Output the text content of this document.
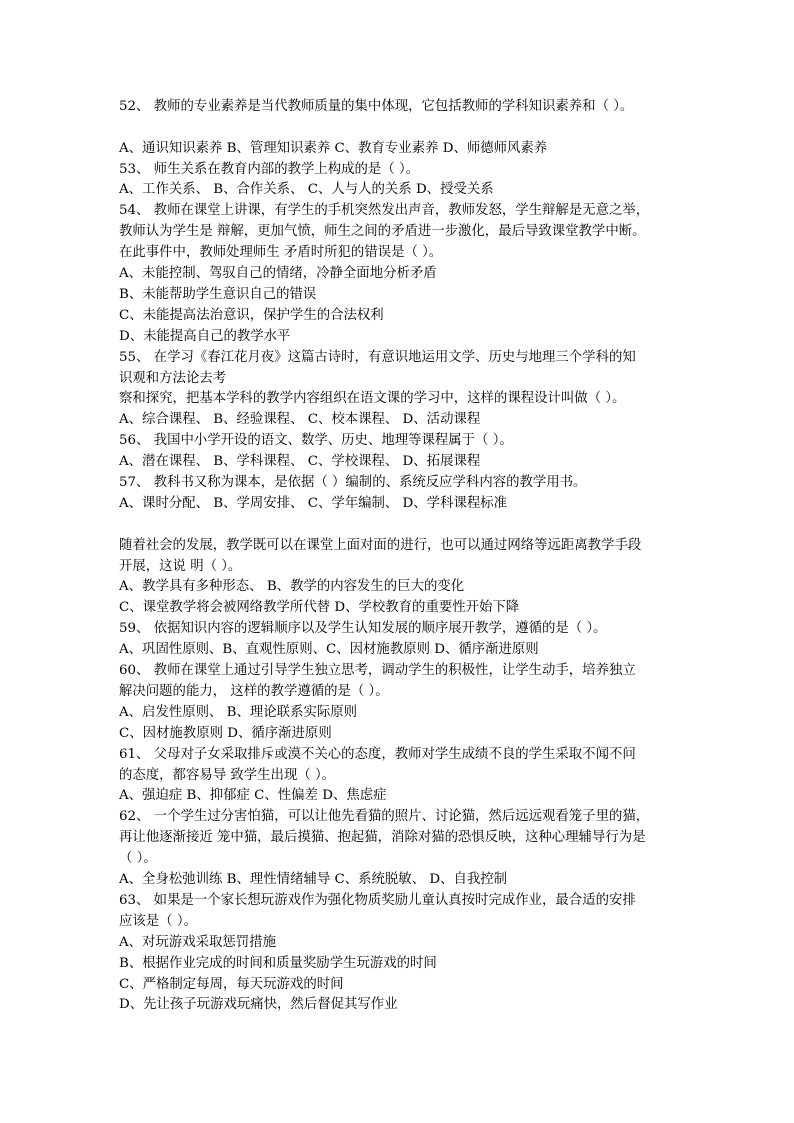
52、 教师的专业素养是当代教师质量的集中体现，它包括教师的学科知识素养和（ ）。
A、通识知识素养 B、管理知识素养 C、教育专业素养 D、师德师风素养
53、 师生关系在教育内部的教学上构成的是（ ）。
A、工作关系、 B、合作关系、 C、人与人的关系 D、授受关系
54、 教师在课堂上讲课，有学生的手机突然发出声音，教师发怒，学生辩解是无意之举，
教师认为学生是 辩解，更加气愤，师生之间的矛盾进一步激化，最后导致课堂教学中断。
在此事件中，教师处理师生 矛盾时所犯的错误是（ ）。
A、未能控制、驾驭自己的情绪，冷静全面地分析矛盾
B、未能帮助学生意识自己的错误
C、未能提高法治意识，保护学生的合法权利
D、未能提高自己的教学水平
55、 在学习《春江花月夜》这篇古诗时，有意识地运用文学、历史与地理三个学科的知
识观和方法论去考
察和探究，把基本学科的教学内容组织在语文课的学习中，这样的课程设计叫做（ ）。
A、综合课程、 B、经验课程、 C、校本课程、 D、活动课程
56、 我国中小学开设的语文、数学、历史、地理等课程属于（ ）。
A、潜在课程、 B、学科课程、 C、学校课程、 D、拓展课程
57、 教科书又称为课本，是依据（ ）编制的、系统反应学科内容的教学用书。
A、课时分配、 B、学周安排、 C、学年编制、 D、学科课程标准
随着社会的发展，教学既可以在课堂上面对面的进行，也可以通过网络等远距离教学手段
开展，这说 明（ ）。
A、教学具有多种形态、 B、教学的内容发生的巨大的变化
C、课堂教学将会被网络教学所代替 D、学校教育的重要性开始下降
59、 依据知识内容的逻辑顺序以及学生认知发展的顺序展开教学，遵循的是（ ）。
A、巩固性原则、B、直观性原则、C、因材施教原则 D、循序渐进原则
60、 教师在课堂上通过引导学生独立思考，调动学生的积极性，让学生动手，培养独立
解决问题的能力， 这样的教学遵循的是（ ）。
A、启发性原则、 B、理论联系实际原则
C、因材施教原则 D、循序渐进原则
61、 父母对子女采取排斥或漠不关心的态度，教师对学生成绩不良的学生采取不闻不问
的态度，都容易导 致学生出现（ ）。
A、强迫症 B、抑郁症 C、性偏差 D、焦虑症
62、 一个学生过分害怕猫，可以让他先看猫的照片、讨论猫，然后远远观看笼子里的猫，
再让他逐渐接近 笼中猫，最后摸猫、抱起猫，消除对猫的恐惧反映，这种心理辅导行为是
（ ）。
A、全身松弛训练 B、理性情绪辅导 C、系统脱敏、 D、自我控制
63、 如果是一个家长想玩游戏作为强化物质奖励儿童认真按时完成作业，最合适的安排
应该是（ ）。
A、对玩游戏采取惩罚措施
B、根据作业完成的时间和质量奖励学生玩游戏的时间
C、严格制定每周，每天玩游戏的时间
D、先让孩子玩游戏玩痛快，然后督促其写作业
